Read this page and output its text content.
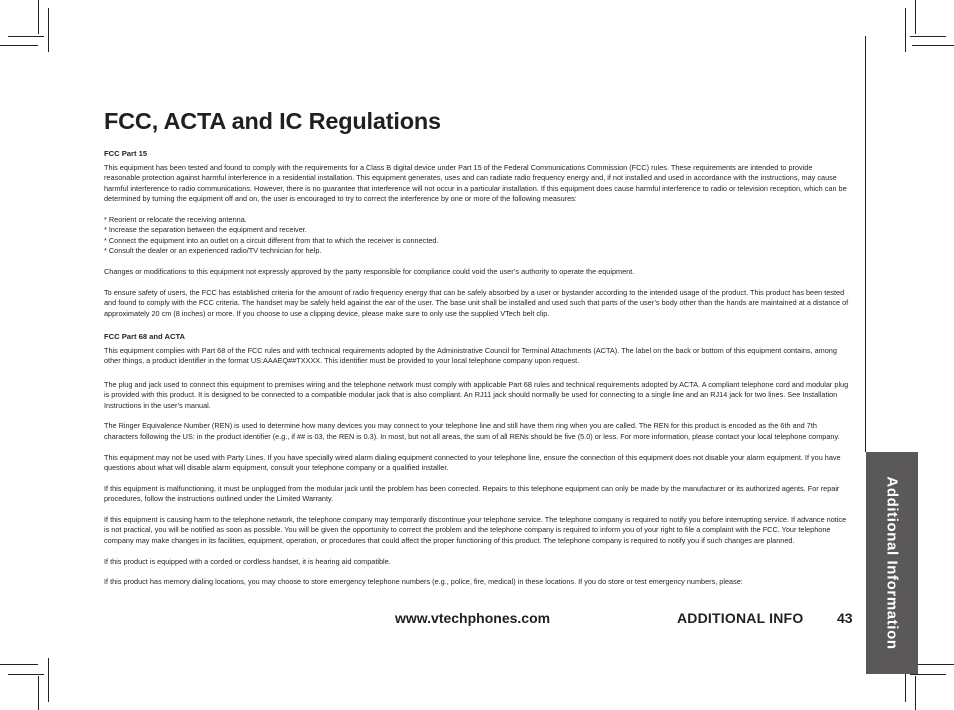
Additional Information
FCC, ACTA and IC Regulations
FCC Part 15

This equipment has been tested and found to comply with the requirements for a Class B digital device under Part 15 of the Federal Communications Commission (FCC) rules. These requirements are intended to provide reasonable protection against harmful interference in a residential installation. This equipment generates, uses and can radiate radio frequency energy and, if not installed and used in accordance with the instructions, may cause harmful interference to radio communications. However, there is no guarantee that interference will not occur in a particular installation. If this equipment does cause harmful interference to radio or television reception, which can be determined by turning the equipment off and on, the user is encouraged to try to correct the interference by one or more of the following measures:

* Reorient or relocate the receiving antenna.
* Increase the separation between the equipment and receiver.
* Connect the equipment into an outlet on a circuit different from that to which the receiver is connected.
* Consult the dealer or an experienced radio/TV technician for help.

Changes or modifications to this equipment not expressly approved by the party responsible for compliance could void the user’s authority to operate the equipment.

To ensure safety of users, the FCC has established criteria for the amount of radio frequency energy that can be safely absorbed by a user or bystander according to the intended usage of the product. This product has been tested and found to comply with the FCC criteria. The handset may be safely held against the ear of the user. The base unit shall be installed and used such that parts of the user’s body other than the hands are maintained at a distance of approximately 20 cm (8 inches) or more. If you choose to use a clipping device, please make sure to only use the supplied VTech belt clip.

FCC Part 68 and ACTA

This equipment complies with Part 68 of the FCC rules and with technical requirements adopted by the Administrative Council for Terminal Attachments (ACTA). The label on the back or bottom of this equipment contains, among other things, a product identifier in the format US:AAAEQ##TXXXX. This identifier must be provided to your local telephone company upon request.

The plug and jack used to connect this equipment to premises wiring and the telephone network must comply with applicable Part 68 rules and technical requirements adopted by ACTA. A compliant telephone cord and modular plug is provided with this product. It is designed to be connected to a compatible modular jack that is also compliant. An RJ11 jack should normally be used for connecting to a single line and an RJ14 jack for two lines. See Installation Instructions in the user’s manual.

The Ringer Equivalence Number (REN) is used to determine how many devices you may connect to your telephone line and still have them ring when you are called. The REN for this product is encoded as the 6th and 7th characters following the US: in the product identifier (e.g., if ## is 03, the REN is 0.3). In most, but not all areas, the sum of all RENs should be five (5.0) or less. For more information, please contact your local telephone company.

This equipment may not be used with Party Lines. If you have specially wired alarm dialing equipment connected to your telephone line, ensure the connection of this equipment does not disable your alarm equipment. If you have questions about what will disable alarm equipment, consult your telephone company or a qualified installer.

If this equipment is malfunctioning, it must be unplugged from the modular jack until the problem has been corrected. Repairs to this telephone equipment can only be made by the manufacturer or its authorized agents. For repair procedures, follow the instructions outlined under the Limited Warranty.

If this equipment is causing harm to the telephone network, the telephone company may temporarily discontinue your telephone service. The telephone company is required to notify you before interrupting service. If advance notice is not practical, you will be notified as soon as possible. You will be given the opportunity to correct the problem and the telephone company is required to inform you of your right to file a complaint with the FCC. Your telephone company may make changes in its facilities, equipment, operation, or procedures that could affect the proper functioning of this product. The telephone company is required to notify you if such changes are planned.

If this product is equipped with a corded or cordless handset, it is hearing aid compatible.

If this product has memory dialing locations, you may choose to store emergency telephone numbers (e.g., police, fire, medical) in these locations. If you do store or test emergency numbers, please:

www.vtechphones.com	ADDITIONAL INFO 43
